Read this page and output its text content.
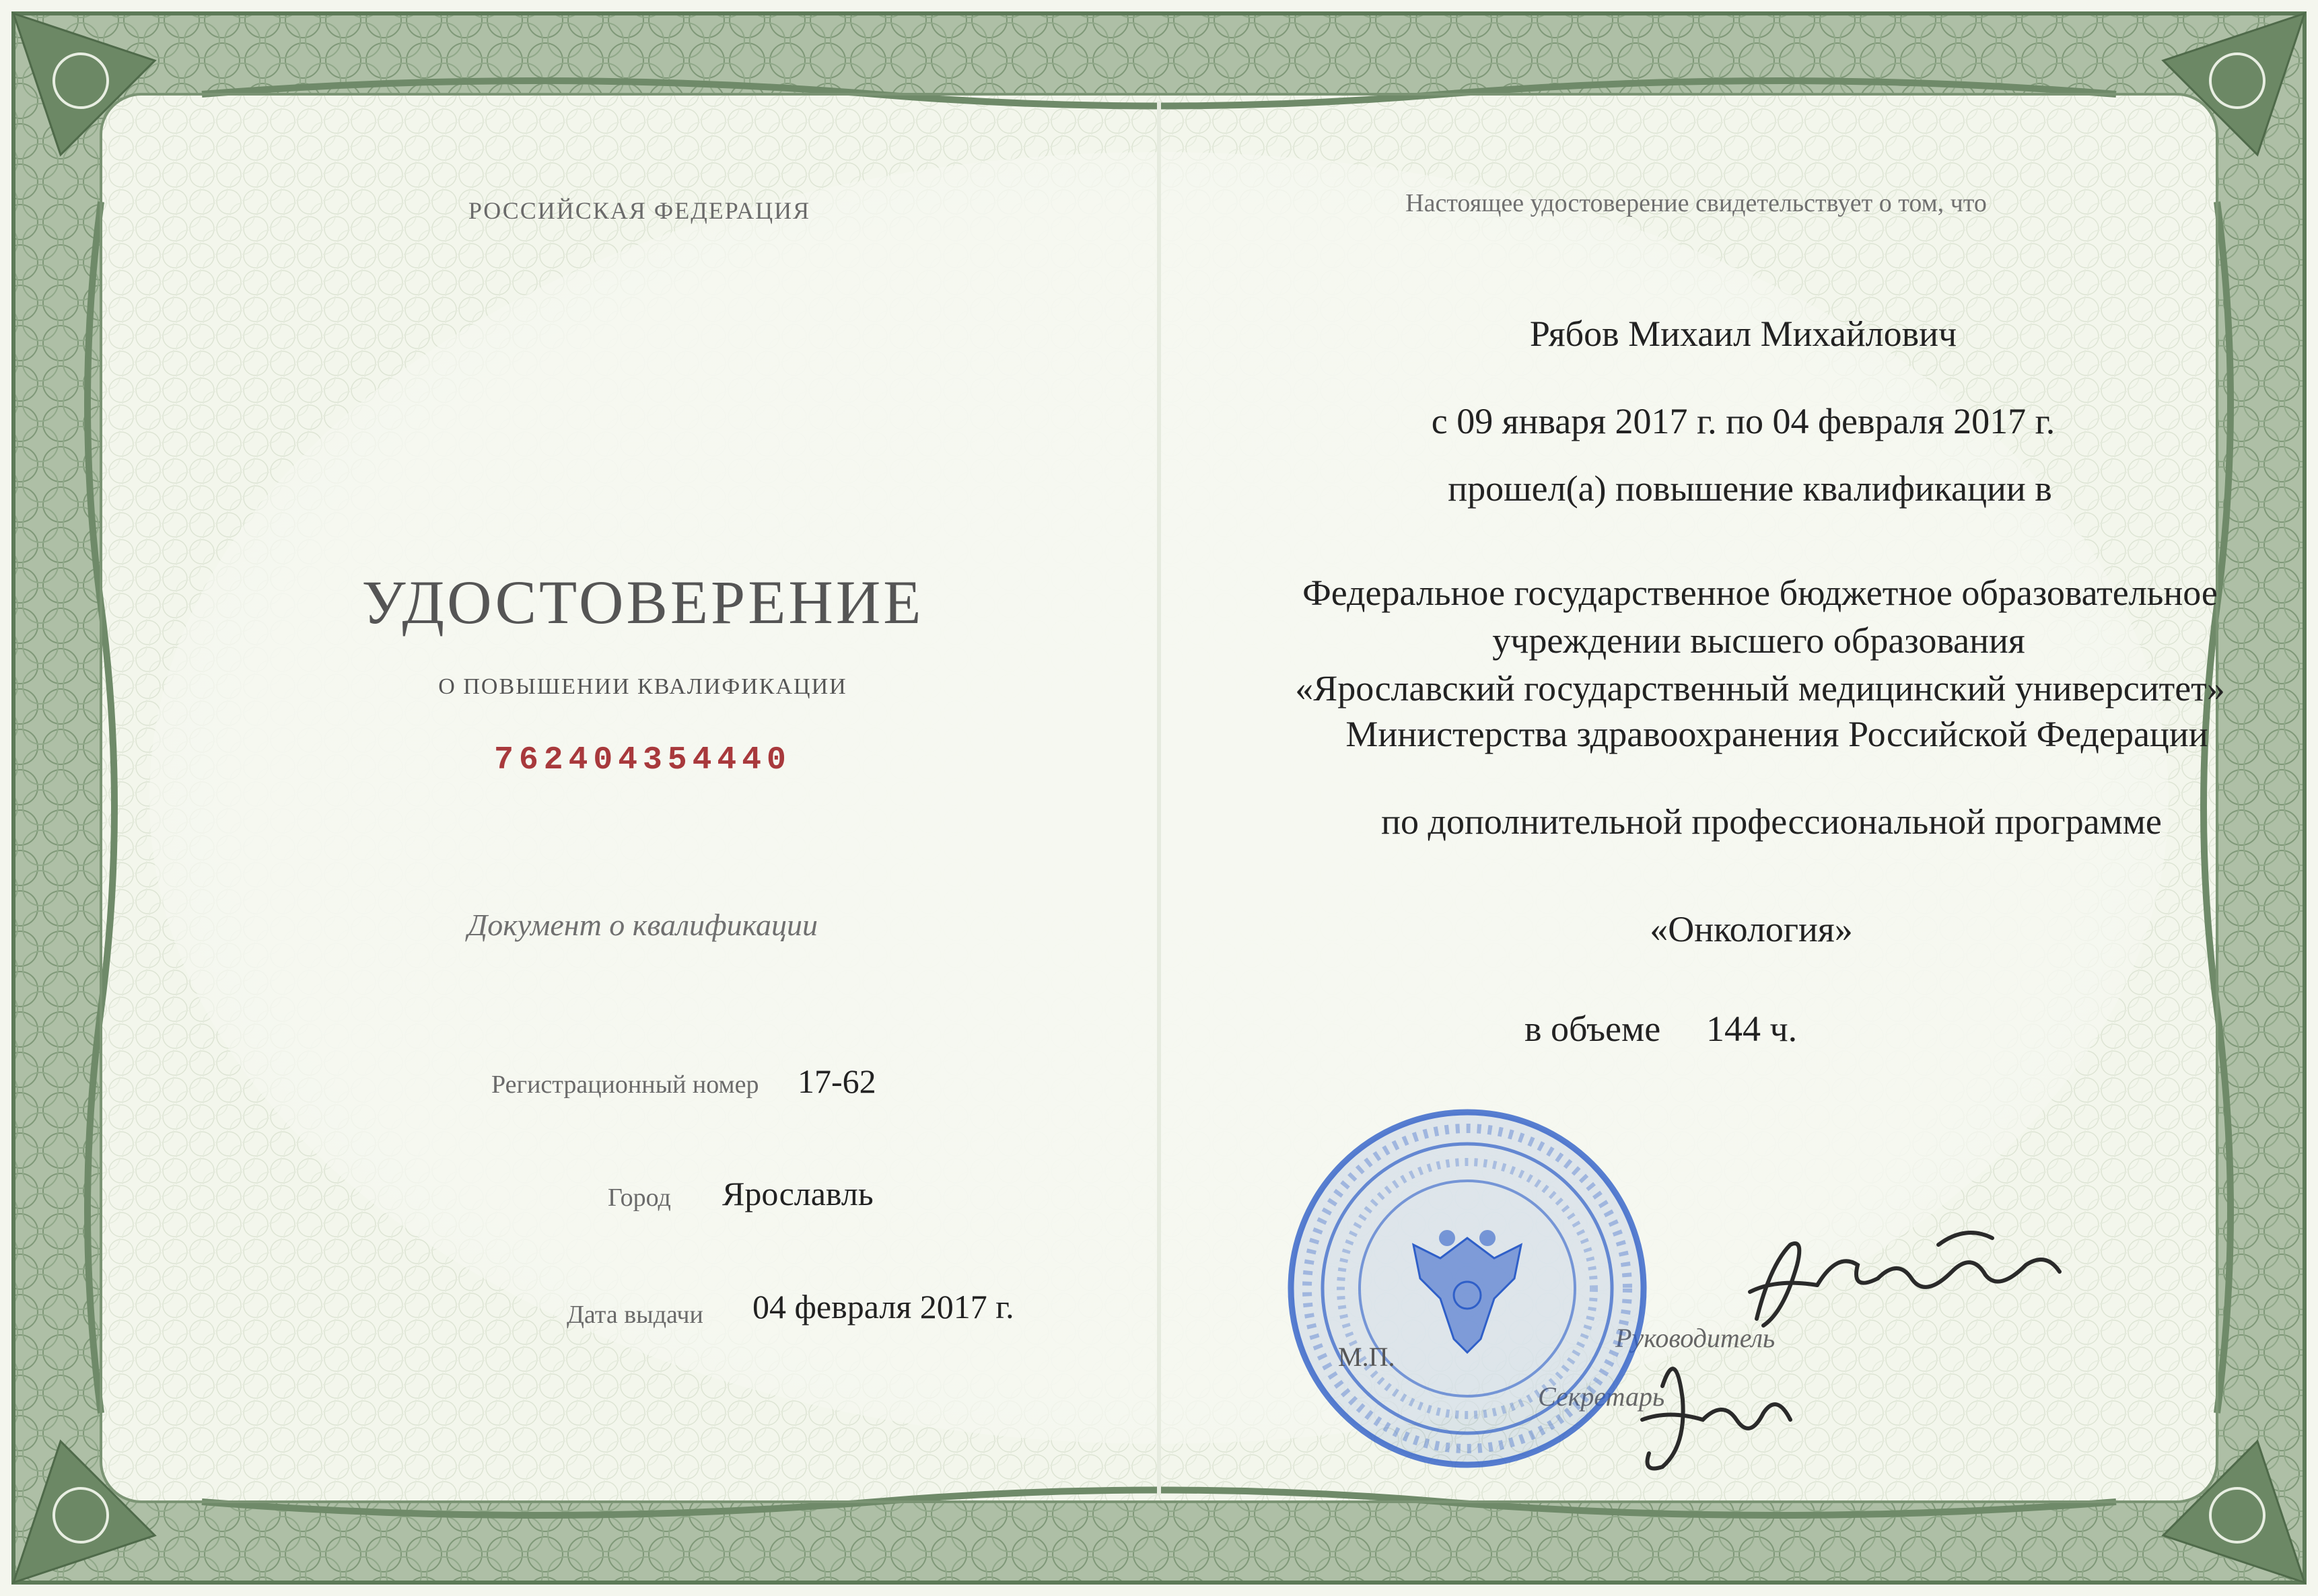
РОССИЙСКАЯ ФЕДЕРАЦИЯ
УДОСТОВЕРЕНИЕ
О ПОВЫШЕНИИ КВАЛИФИКАЦИИ
762404354440
Документ о квалификации
Регистрационный номер 17-62
Город Ярославль
Дата выдачи 04 февраля 2017 г.
Настоящее удостоверение свидетельствует о том, что
Рябов Михаил Михайлович
с 09 января 2017 г. по 04 февраля 2017 г.
прошел(а) повышение квалификации в
Федеральное государственное бюджетное образовательное
учреждении высшего образования
«Ярославский государственный медицинский университет»
Министерства здравоохранения Российской Федерации
по дополнительной профессиональной программе
«Онкология»
в объеме 144 ч.
Руководитель
Секретарь
М.П.
